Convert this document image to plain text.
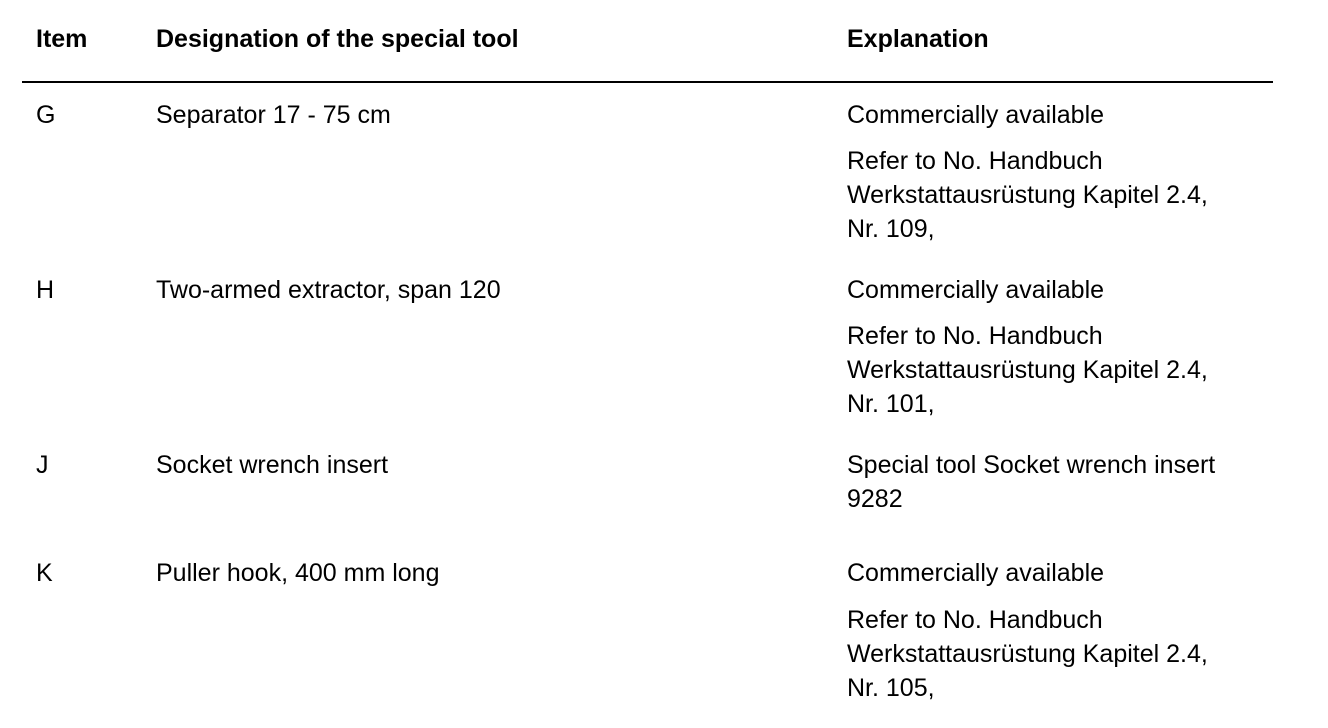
Item	Designation of the special tool	Explanation
G	Separator 17 - 75 cm	Commercially available
Refer to No. Handbuch
Werkstattausrüstung Kapitel 2.4,
Nr. 109,
H	Two-armed extractor, span 120	Commercially available
Refer to No. Handbuch
Werkstattausrüstung Kapitel 2.4,
Nr. 101,
J	Socket wrench insert	Special tool Socket wrench insert
9282
K	Puller hook, 400 mm long	Commercially available
Refer to No. Handbuch
Werkstattausrüstung Kapitel 2.4,
Nr. 105,
